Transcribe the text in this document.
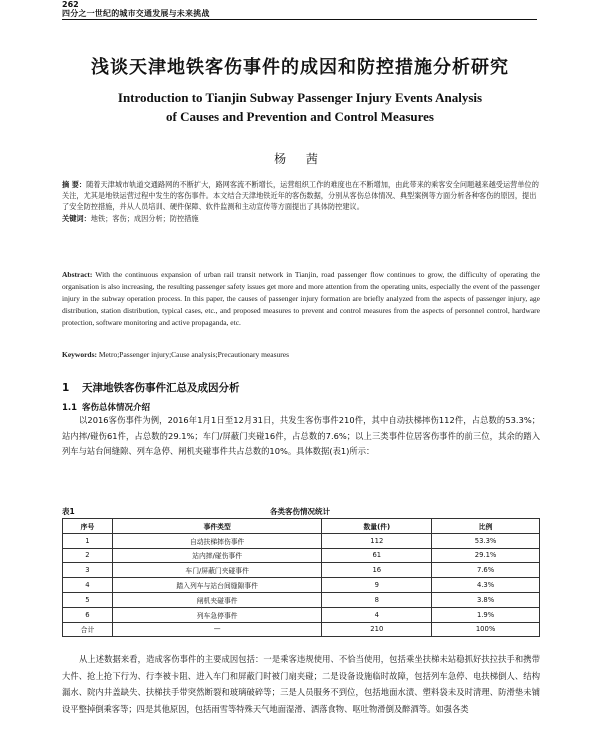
262
四分之一世纪的城市交通发展与未来挑战
浅谈天津地铁客伤事件的成因和防控措施分析研究
Introduction to Tianjin Subway Passenger Injury Events Analysis
of Causes and Prevention and Control Measures
杨 茜
摘 要：随着天津城市轨道交通路网的不断扩大，路网客流不断增长，运营组织工作的难度也在不断增加，由此带来的乘客安全问题越来越受运营单位的关注，尤其是地铁运营过程中发生的客伤事件。本文结合天津地铁近年的客伤数据，分别从客伤总体情况、典型案例等方面分析各种客伤的原因，提出了安全防控措施，并从人员培训、硬件保障、软件监测和主动宣传等方面提出了具体防控建议。
关键词：地铁；客伤；成因分析；防控措施
Abstract: With the continuous expansion of urban rail transit network in Tianjin, road passenger flow continues to grow, the difficulty of operating the organisation is also increasing, the resulting passenger safety issues get more and more attention from the operating units, especially the event of the passenger injury in the subway operation process. In this paper, the causes of passenger injury formation are briefly analyzed from the aspects of passenger injury, age distribution, station distribution, typical cases, etc., and proposed measures to prevent and control measures from the aspects of personnel control, hardware protection, software monitoring and active propaganda, etc.
Keywords: Metro;Passenger injury;Cause analysis;Precautionary measures
1 天津地铁客伤事件汇总及成因分析
1.1 客伤总体情况介绍
以2016客伤事件为例，2016年1月1日至12月31日，共发生客伤事件210件，其中自动扶梯摔伤112件，占总数的53.3%；站内摔/碰伤61件，占总数的29.1%；车门/屏蔽门夹碰16件，占总数的7.6%；以上三类事件位居客伤事件的前三位，其余的踏入列车与站台间缝隙、列车急停、闸机夹碰事件共占总数的10%。具体数据(表1)所示：
表1	各类客伤情况统计
序号	事件类型	数量(件)	比例
1	自动扶梯摔伤事件	112	53.3%
2	站内摔/碰伤事件	61	29.1%
3	车门/屏蔽门夹碰事件	16	7.6%
4	踏入列车与站台间缝隙事件	9	4.3%
5	闸机夹碰事件	8	3.8%
6	列车急停事件	4	1.9%
合计	—	210	100%
从上述数据来看，造成客伤事件的主要成因包括：一是乘客违规使用、不恰当使用，包括乘坐扶梯未站稳抓好扶拉扶手和携带大件、抢上抢下行为、行李被卡阻、进入车门和屏蔽门时被门扇夹碰；二是设备设施临时故障，包括列车急停、电扶梯倒人、结构漏水、院内井盖缺失、扶梯扶手带突然断裂和玻璃破碎等；三是人员服务不到位，包括地面水渍、塑料袋未及时清理、防滑垫未铺设平整掉倒乘客等；四是其他原因，包括雨雪等特殊天气地面湿滑、洒落食物、呕吐物滑倒及醉酒等。如强各类
